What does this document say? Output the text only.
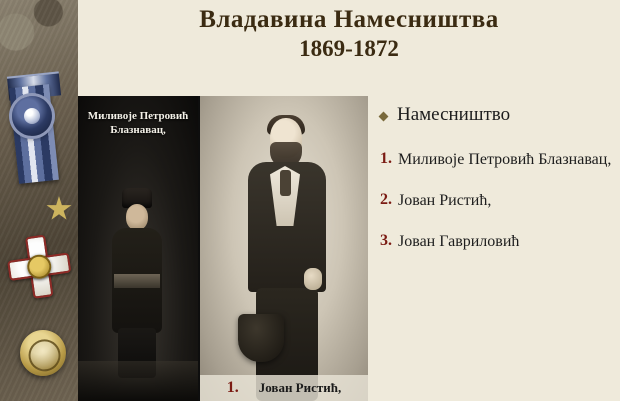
Владавина Намесништва
1869-1872
Миливоје Петровић Блазнавац,
1.	Јован Ристић,
Намесништво
1. Миливоје Петровић Блазнавац,
2. Јован Ристић,
3. Јован Гавриловић
